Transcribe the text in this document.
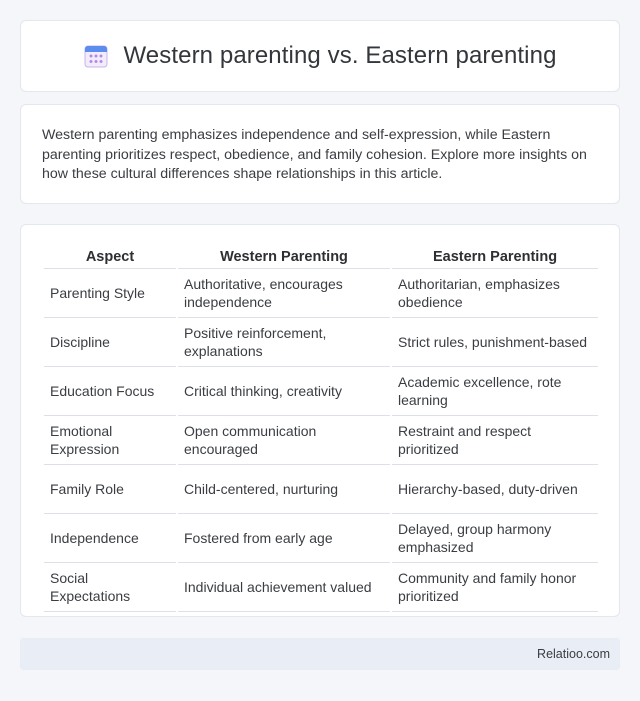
Western parenting vs. Eastern parenting

Western parenting emphasizes independence and self-expression, while Eastern parenting prioritizes respect, obedience, and family cohesion. Explore more insights on how these cultural differences shape relationships in this article.

Aspect	Western Parenting	Eastern Parenting
Parenting Style	Authoritative, encourages independence	Authoritarian, emphasizes obedience
Discipline	Positive reinforcement, explanations	Strict rules, punishment-based
Education Focus	Critical thinking, creativity	Academic excellence, rote learning
Emotional Expression	Open communication encouraged	Restraint and respect prioritized
Family Role	Child-centered, nurturing	Hierarchy-based, duty-driven
Independence	Fostered from early age	Delayed, group harmony emphasized
Social Expectations	Individual achievement valued	Community and family honor prioritized
Relatioo.com
